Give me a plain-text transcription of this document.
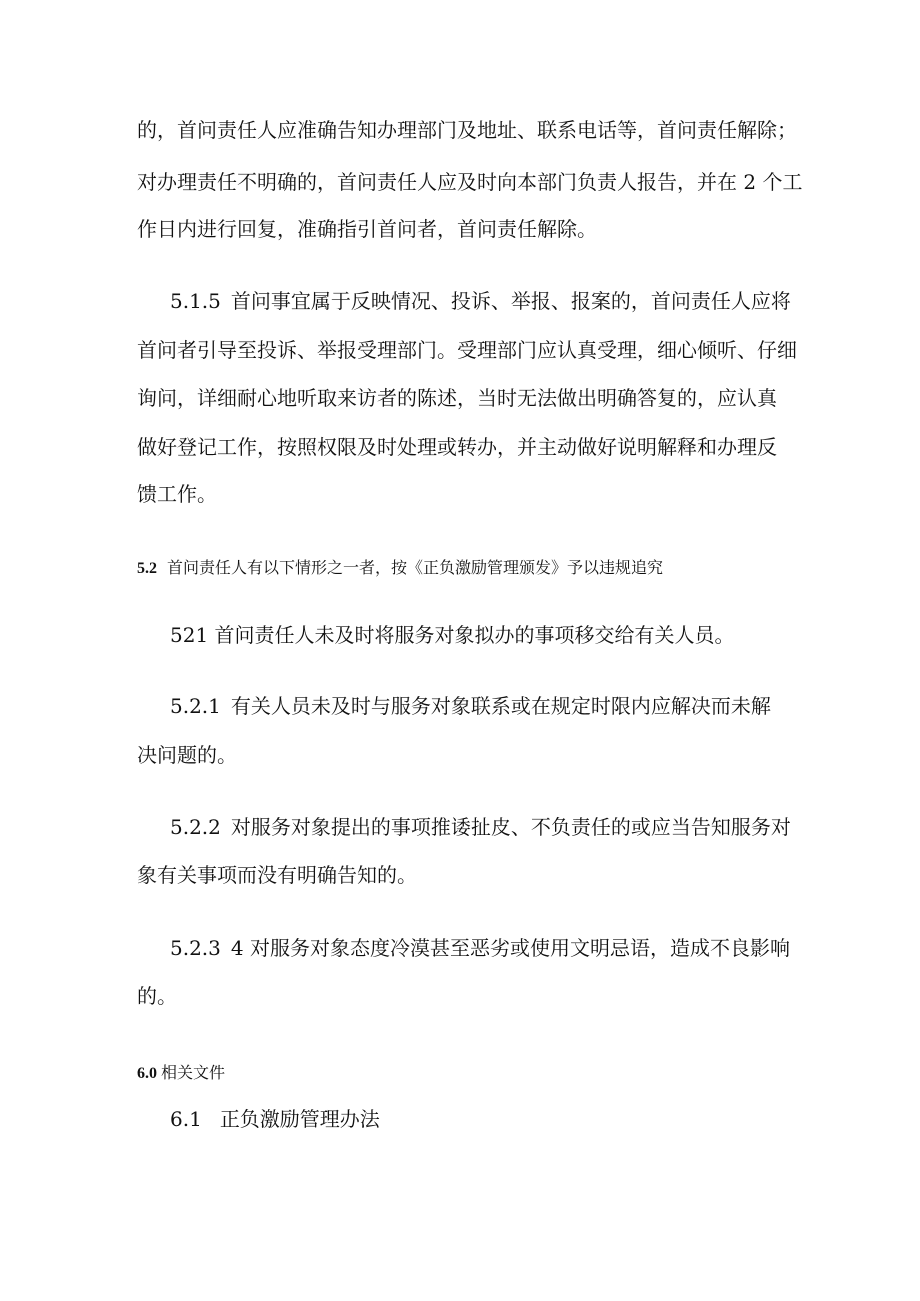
的，首问责任人应准确告知办理部门及地址、联系电话等，首问责任解除；
对办理责任不明确的，首问责任人应及时向本部门负责人报告，并在 2 个工
作日内进行回复，准确指引首问者，首问责任解除。
5.1.5 首问事宜属于反映情况、投诉、举报、报案的，首问责任人应将
首问者引导至投诉、举报受理部门。受理部门应认真受理，细心倾听、仔细
询问，详细耐心地听取来访者的陈述，当时无法做出明确答复的，应认真
做好登记工作，按照权限及时处理或转办，并主动做好说明解释和办理反
馈工作。
5.2 首问责任人有以下情形之一者，按《正负激励管理颁发》予以违规追究
521 首问责任人未及时将服务对象拟办的事项移交给有关人员。
5.2.1 有关人员未及时与服务对象联系或在规定时限内应解决而未解
决问题的。
5.2.2 对服务对象提出的事项推诿扯皮、不负责任的或应当告知服务对
象有关事项而没有明确告知的。
5.2.3 4 对服务对象态度冷漠甚至恶劣或使用文明忌语，造成不良影响
的。
6.0 相关文件
6.1 正负激励管理办法
